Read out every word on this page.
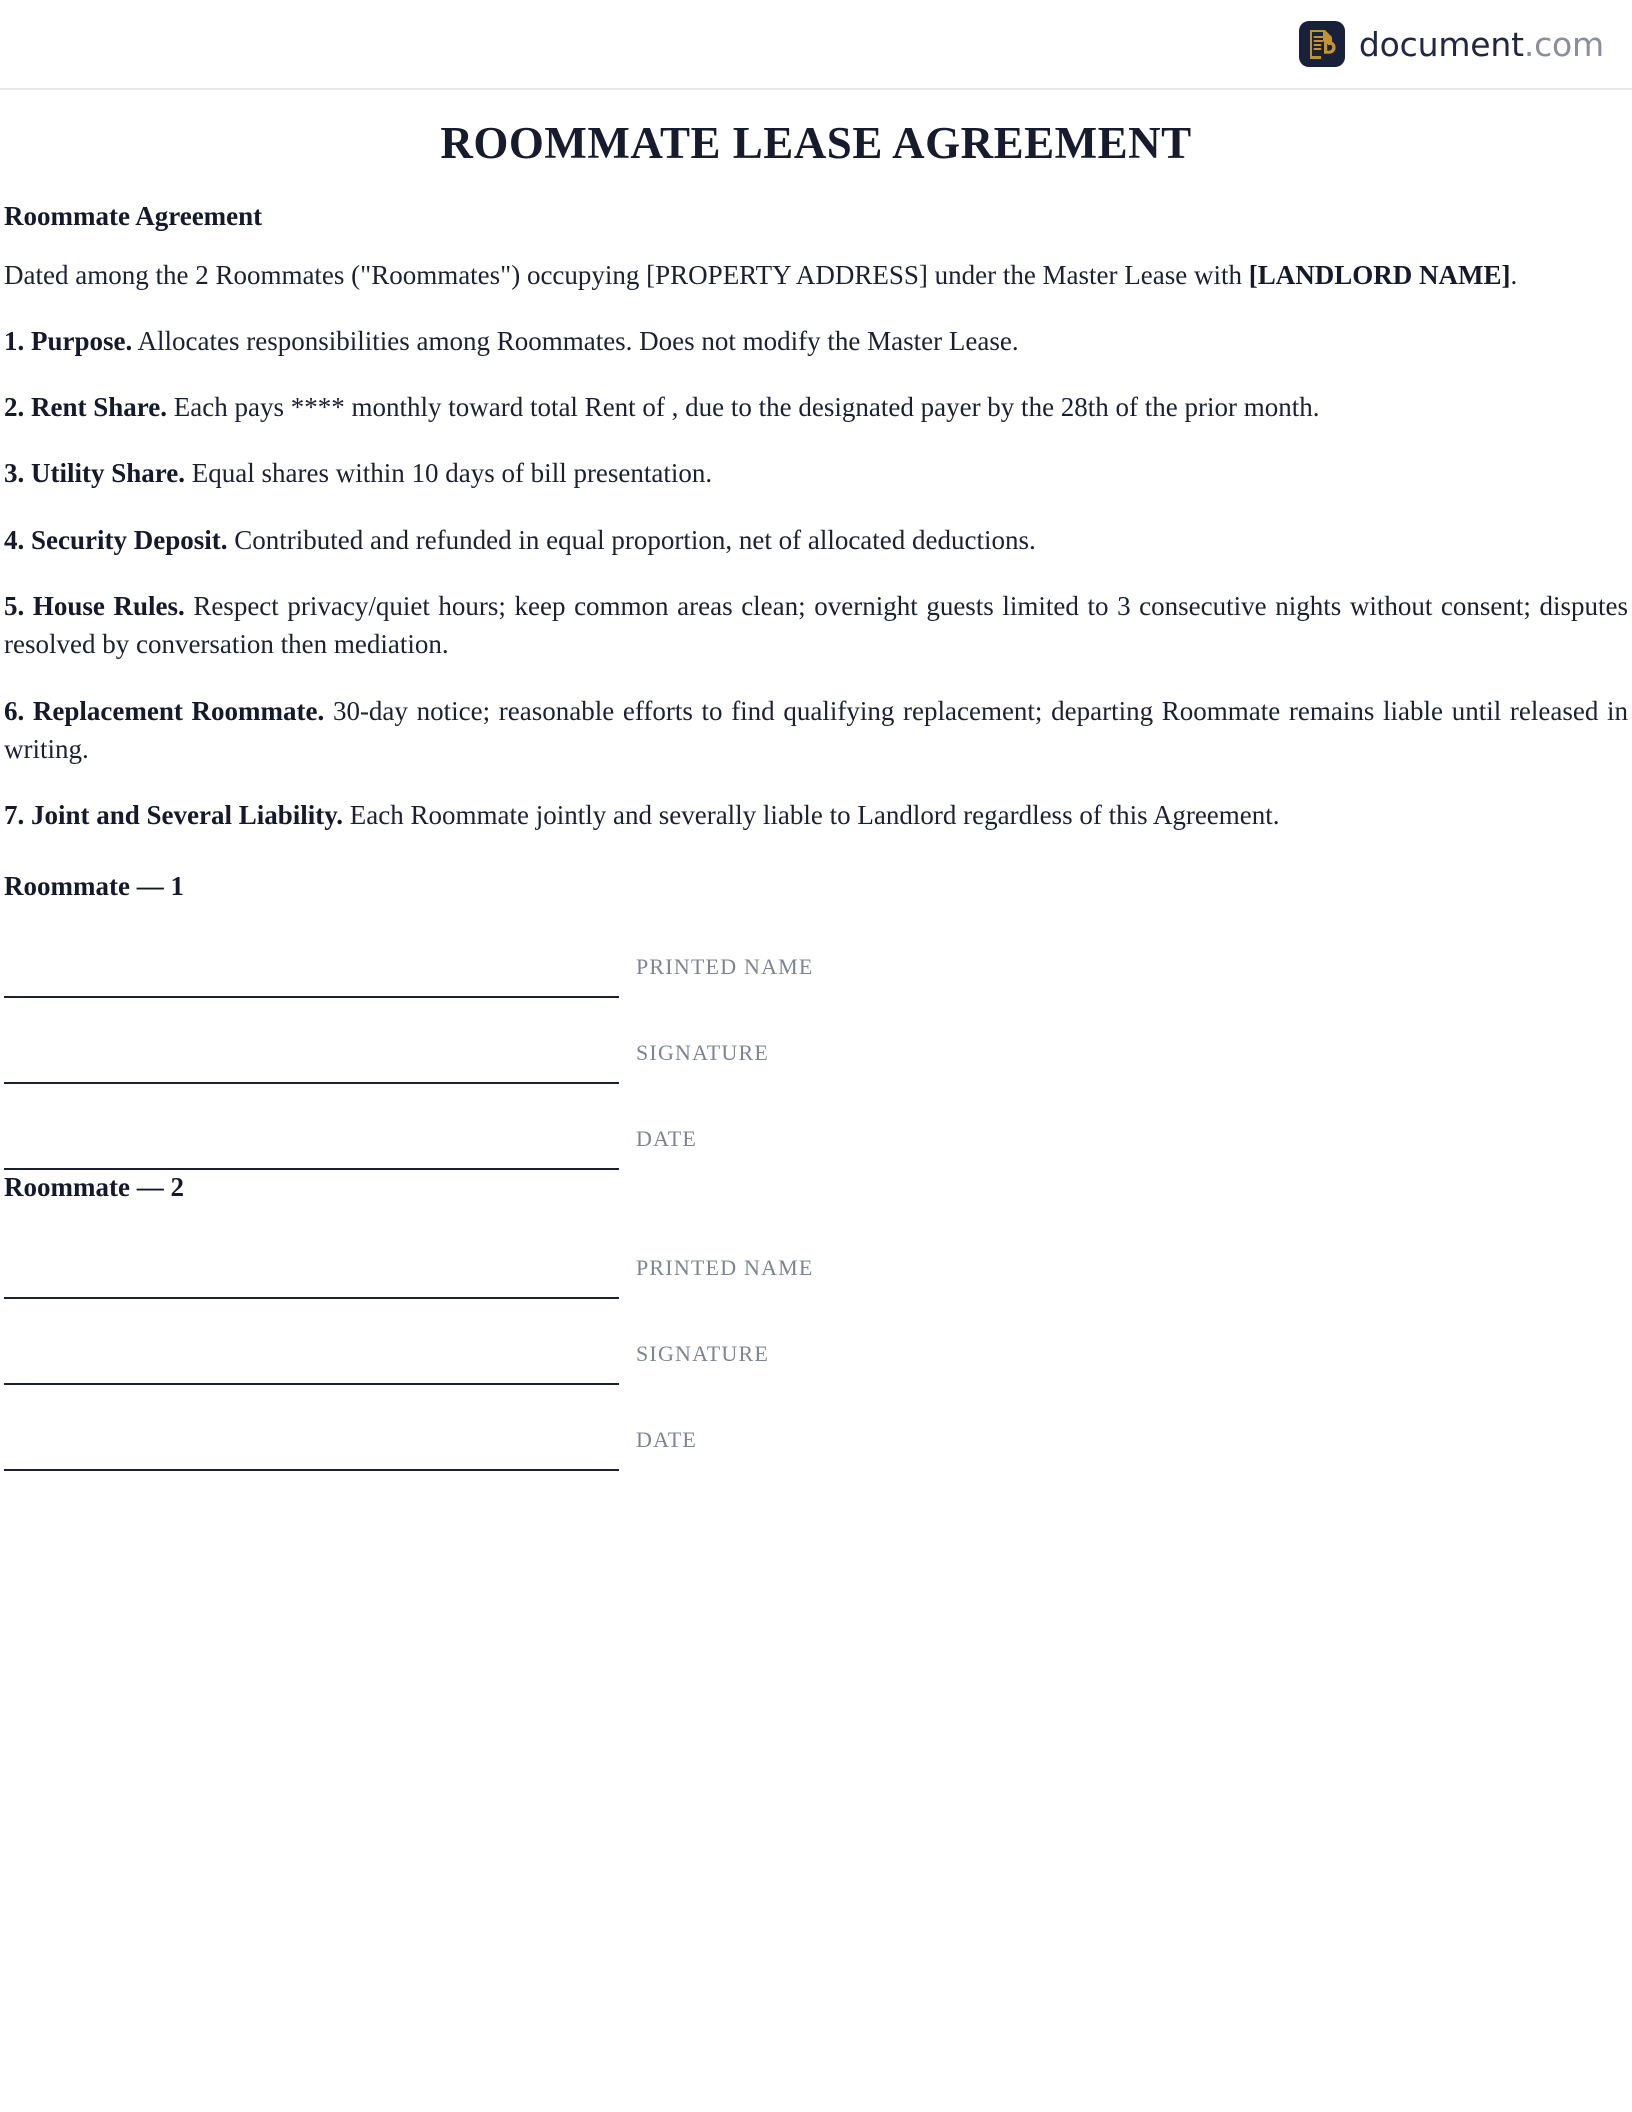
document.com
ROOMMATE LEASE AGREEMENT
Roommate Agreement

Dated among the 2 Roommates ("Roommates") occupying [PROPERTY ADDRESS] under the Master Lease with [LANDLORD NAME].

1. Purpose. Allocates responsibilities among Roommates. Does not modify the Master Lease.

2. Rent Share. Each pays **** monthly toward total Rent of , due to the designated payer by the 28th of the prior month.

3. Utility Share. Equal shares within 10 days of bill presentation.

4. Security Deposit. Contributed and refunded in equal proportion, net of allocated deductions.

5. House Rules. Respect privacy/quiet hours; keep common areas clean; overnight guests limited to 3 consecutive nights without consent; disputes resolved by conversation then mediation.

6. Replacement Roommate. 30-day notice; reasonable efforts to find qualifying replacement; departing Roommate remains liable until released in writing.

7. Joint and Several Liability. Each Roommate jointly and severally liable to Landlord regardless of this Agreement.

Roommate — 1
PRINTED NAME
SIGNATURE
DATE
Roommate — 2
PRINTED NAME
SIGNATURE
DATE
